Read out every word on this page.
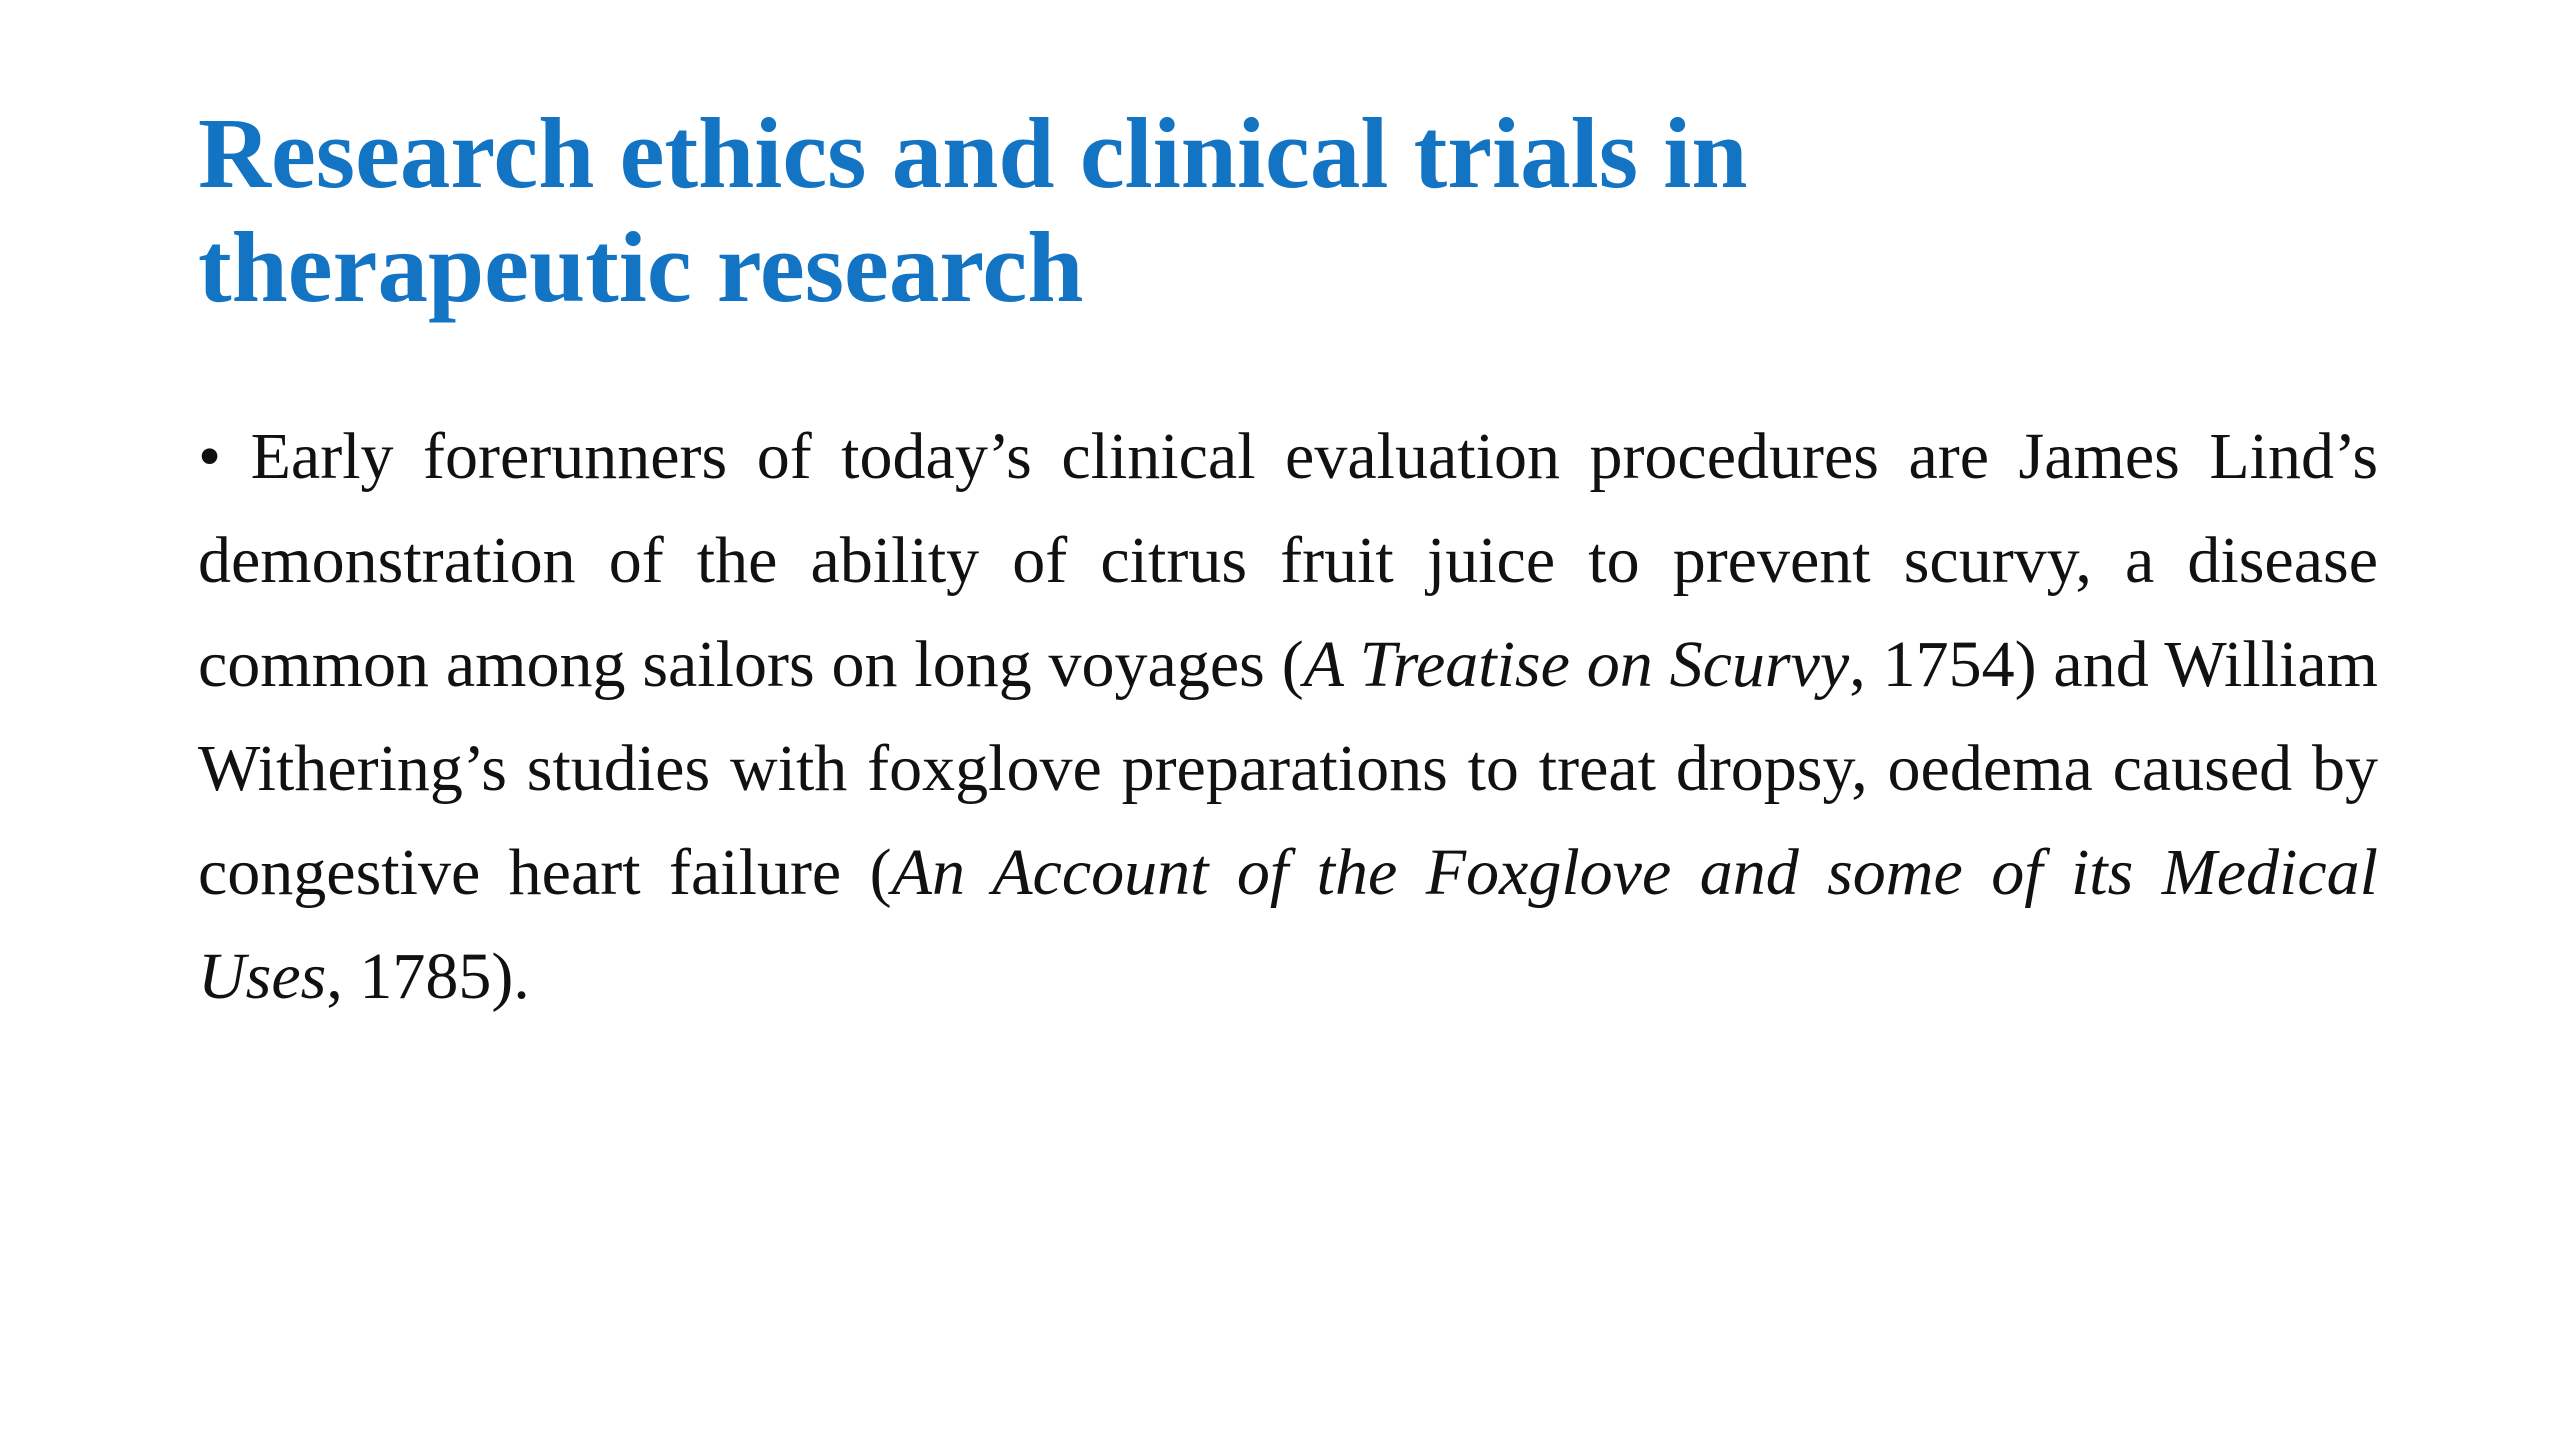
Research ethics and clinical trials in
therapeutic research

• Early forerunners of today’s clinical evaluation procedures are James Lind’s demonstration of the ability of citrus fruit juice to prevent scurvy, a disease common among sailors on long voyages (A Treatise on Scurvy, 1754) and William Withering’s studies with foxglove preparations to treat dropsy, oedema caused by congestive heart failure (An Account of the Foxglove and some of its Medical Uses, 1785).
